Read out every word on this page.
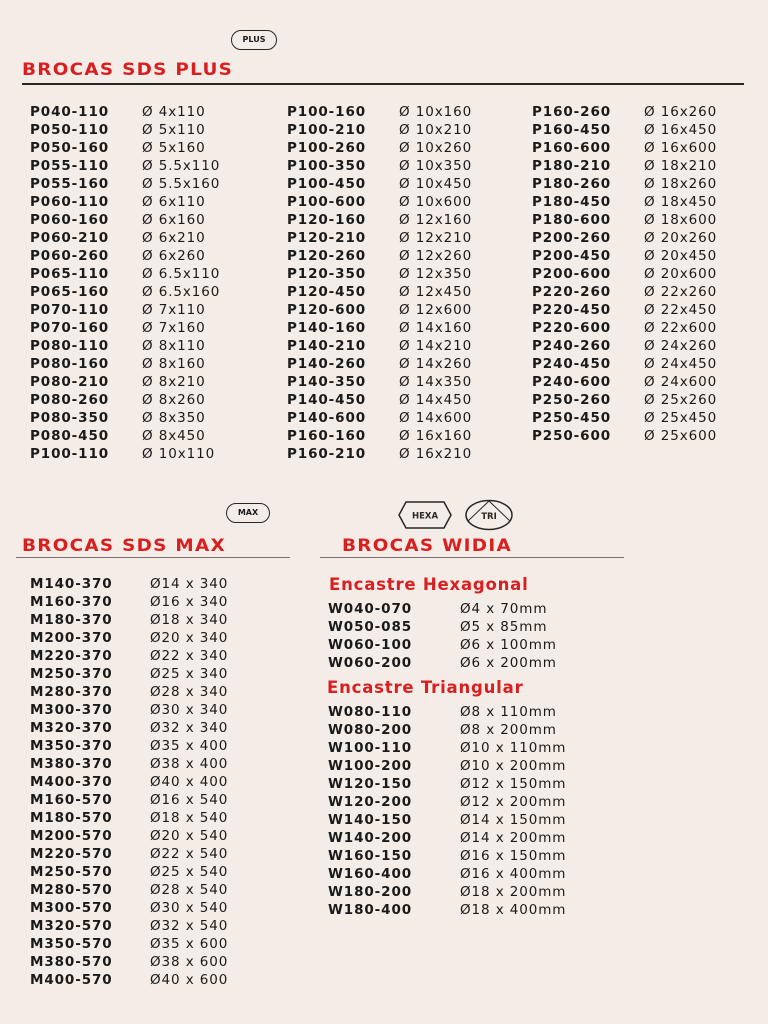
PLUS
BROCAS SDS PLUS
P040-110	Ø 4x110
P050-110	Ø 5x110
P050-160	Ø 5x160
P055-110	Ø 5.5x110
P055-160	Ø 5.5x160
P060-110	Ø 6x110
P060-160	Ø 6x160
P060-210	Ø 6x210
P060-260	Ø 6x260
P065-110	Ø 6.5x110
P065-160	Ø 6.5x160
P070-110	Ø 7x110
P070-160	Ø 7x160
P080-110	Ø 8x110
P080-160	Ø 8x160
P080-210	Ø 8x210
P080-260	Ø 8x260
P080-350	Ø 8x350
P080-450	Ø 8x450
P100-110	Ø 10x110
P100-160	Ø 10x160
P100-210	Ø 10x210
P100-260	Ø 10x260
P100-350	Ø 10x350
P100-450	Ø 10x450
P100-600	Ø 10x600
P120-160	Ø 12x160
P120-210	Ø 12x210
P120-260	Ø 12x260
P120-350	Ø 12x350
P120-450	Ø 12x450
P120-600	Ø 12x600
P140-160	Ø 14x160
P140-210	Ø 14x210
P140-260	Ø 14x260
P140-350	Ø 14x350
P140-450	Ø 14x450
P140-600	Ø 14x600
P160-160	Ø 16x160
P160-210	Ø 16x210
P160-260	Ø 16x260
P160-450	Ø 16x450
P160-600	Ø 16x600
P180-210	Ø 18x210
P180-260	Ø 18x260
P180-450	Ø 18x450
P180-600	Ø 18x600
P200-260	Ø 20x260
P200-450	Ø 20x450
P200-600	Ø 20x600
P220-260	Ø 22x260
P220-450	Ø 22x450
P220-600	Ø 22x600
P240-260	Ø 24x260
P240-450	Ø 24x450
P240-600	Ø 24x600
P250-260	Ø 25x260
P250-450	Ø 25x450
P250-600	Ø 25x600
MAX
BROCAS SDS MAX
M140-370	Ø14 x 340
M160-370	Ø16 x 340
M180-370	Ø18 x 340
M200-370	Ø20 x 340
M220-370	Ø22 x 340
M250-370	Ø25 x 340
M280-370	Ø28 x 340
M300-370	Ø30 x 340
M320-370	Ø32 x 340
M350-370	Ø35 x 400
M380-370	Ø38 x 400
M400-370	Ø40 x 400
M160-570	Ø16 x 540
M180-570	Ø18 x 540
M200-570	Ø20 x 540
M220-570	Ø22 x 540
M250-570	Ø25 x 540
M280-570	Ø28 x 540
M300-570	Ø30 x 540
M320-570	Ø32 x 540
M350-570	Ø35 x 600
M380-570	Ø38 x 600
M400-570	Ø40 x 600
HEXA	TRI
BROCAS WIDIA
Encastre Hexagonal
W040-070	Ø4 x 70mm
W050-085	Ø5 x 85mm
W060-100	Ø6 x 100mm
W060-200	Ø6 x 200mm
Encastre Triangular
W080-110	Ø8 x 110mm
W080-200	Ø8 x 200mm
W100-110	Ø10 x 110mm
W100-200	Ø10 x 200mm
W120-150	Ø12 x 150mm
W120-200	Ø12 x 200mm
W140-150	Ø14 x 150mm
W140-200	Ø14 x 200mm
W160-150	Ø16 x 150mm
W160-400	Ø16 x 400mm
W180-200	Ø18 x 200mm
W180-400	Ø18 x 400mm
